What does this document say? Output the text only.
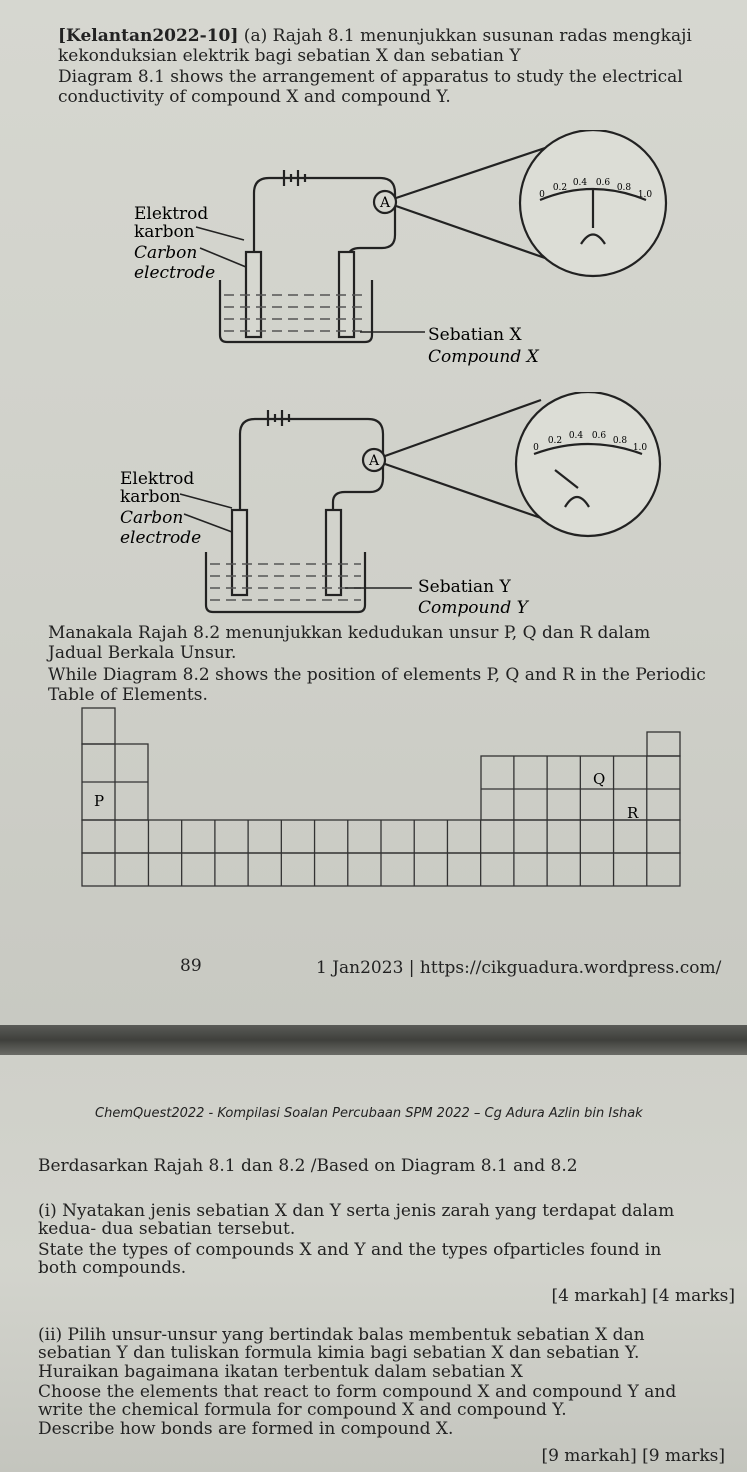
[Kelantan2022-10] (a) Rajah 8.1 menunjukkan susunan radas mengkaji
kekonduksian elektrik bagi sebatian X dan sebatian Y
Diagram 8.1 shows the arrangement of apparatus to study the electrical
conductivity of compound X and compound Y.
A
Elektrod
karbon
Carbon
electrode
Sebatian X
Compound X
0
0.2 0.4 0.6 0.8
1.0
A
Elektrod
karbon
Carbon
electrode
Sebatian Y
Compound Y
0
0.2 0.4 0.6 0.8
1.0
Manakala Rajah 8.2 menunjukkan kedudukan unsur P, Q dan R dalam
Jadual Berkala Unsur.
While Diagram 8.2 shows the position of elements P, Q and R in the Periodic
Table of Elements.
P
Q
R
89	1 Jan2023 | https://cikguadura.wordpress.com/
ChemQuest2022 - Kompilasi Soalan Percubaan SPM 2022 – Cg Adura Azlin bin Ishak
Berdasarkan Rajah 8.1 dan 8.2 /Based on Diagram 8.1 and 8.2
(i) Nyatakan jenis sebatian X dan Y serta jenis zarah yang terdapat dalam
kedua- dua sebatian tersebut.
State the types of compounds X and Y and the types ofparticles found in
both compounds.
[4 markah] [4 marks]
(ii) Pilih unsur-unsur yang bertindak balas membentuk sebatian X dan
sebatian Y dan tuliskan formula kimia bagi sebatian X dan sebatian Y.
Huraikan bagaimana ikatan terbentuk dalam sebatian X
Choose the elements that react to form compound X and compound Y and
write the chemical formula for compound X and compound Y.
Describe how bonds are formed in compound X.
[9 markah] [9 marks]
